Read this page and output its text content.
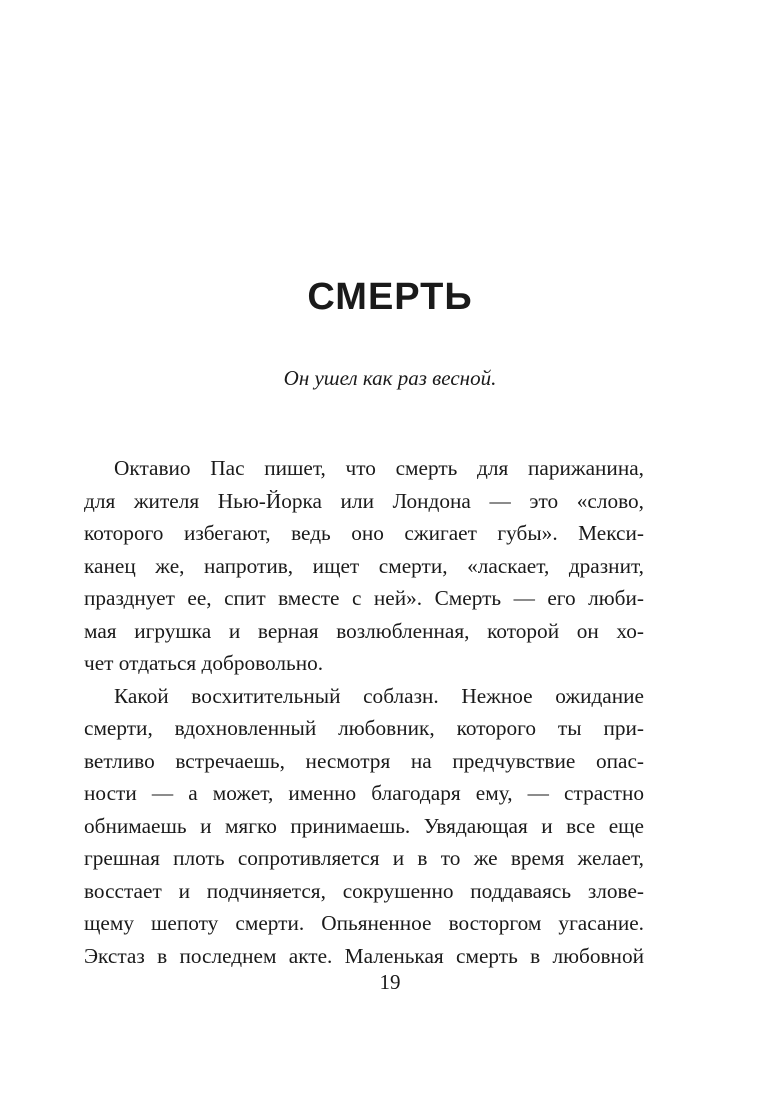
СМЕРТЬ
Он ушел как раз весной.
Октавио Пас пишет, что смерть для парижанина,
для жителя Нью-Йорка или Лондона — это «слово,
которого избегают, ведь оно сжигает губы». Мекси-
канец же, напротив, ищет смерти, «ласкает, дразнит,
празднует ее, спит вместе с ней». Смерть — его люби-
мая игрушка и верная возлюбленная, которой он хо-
чет отдаться добровольно.
Какой восхитительный соблазн. Нежное ожидание
смерти, вдохновленный любовник, которого ты при-
ветливо встречаешь, несмотря на предчувствие опас-
ности — а может, именно благодаря ему, — страстно
обнимаешь и мягко принимаешь. Увядающая и все еще
грешная плоть сопротивляется и в то же время желает,
восстает и подчиняется, сокрушенно поддаваясь злове-
щему шепоту смерти. Опьяненное восторгом угасание.
Экстаз в последнем акте. Маленькая смерть в любовной
19
